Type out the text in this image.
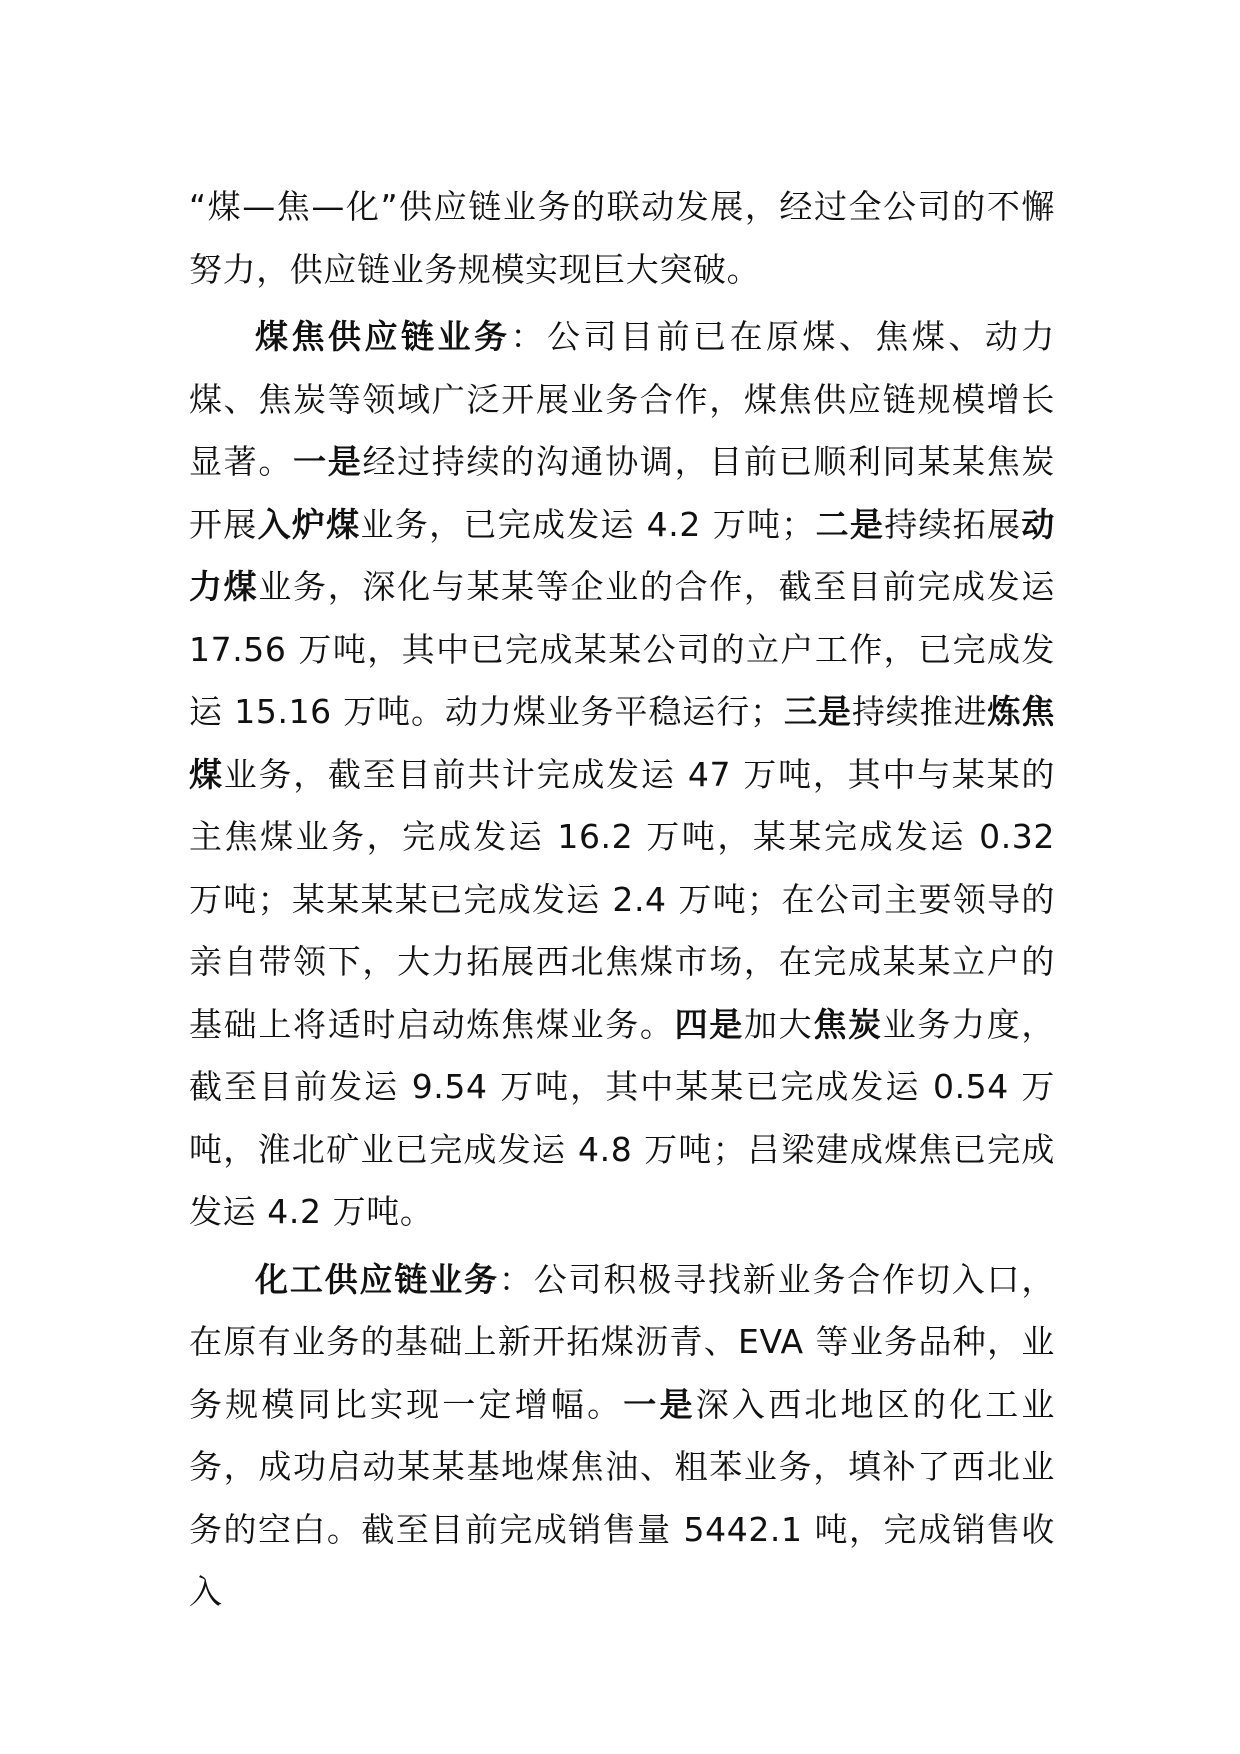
“煤—焦—化”供应链业务的联动发展，经过全公司的不懈努力，供应链业务规模实现巨大突破。

煤焦供应链业务：公司目前已在原煤、焦煤、动力煤、焦炭等领域广泛开展业务合作，煤焦供应链规模增长显著。一是经过持续的沟通协调，目前已顺利同某某焦炭开展入炉煤业务，已完成发运 4.2 万吨；二是持续拓展动力煤业务，深化与某某等企业的合作，截至目前完成发运 17.56 万吨，其中已完成某某公司的立户工作，已完成发运 15.16 万吨。动力煤业务平稳运行；三是持续推进炼焦煤业务，截至目前共计完成发运 47 万吨，其中与某某的主焦煤业务，完成发运 16.2 万吨，某某完成发运 0.32 万吨；某某某某已完成发运 2.4 万吨；在公司主要领导的亲自带领下，大力拓展西北焦煤市场，在完成某某立户的基础上将适时启动炼焦煤业务。四是加大焦炭业务力度，截至目前发运 9.54 万吨，其中某某已完成发运 0.54 万吨，淮北矿业已完成发运 4.8 万吨；吕梁建成煤焦已完成发运 4.2 万吨。

化工供应链业务：公司积极寻找新业务合作切入口，在原有业务的基础上新开拓煤沥青、EVA 等业务品种，业务规模同比实现一定增幅。一是深入西北地区的化工业务，成功启动某某基地煤焦油、粗苯业务，填补了西北业务的空白。截至目前完成销售量 5442.1 吨，完成销售收入
